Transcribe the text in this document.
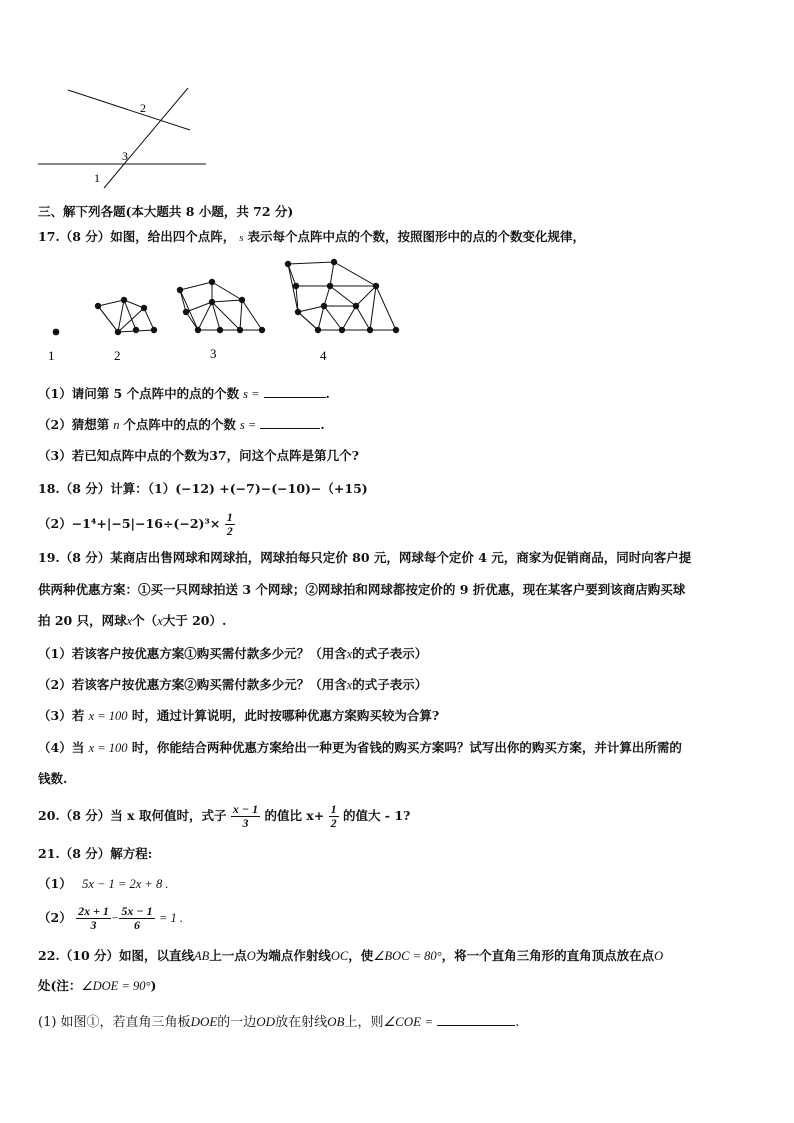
2
3
1
三、解下列各题(本大题共 8 小题，共 72 分)
17.（8 分）如图，给出四个点阵， s 表示每个点阵中点的个数，按照图形中的点的个数变化规律，
1	2	3	4
（1）请问第 5 个点阵中的点的个数 s =	.
（2）猜想第 n 个点阵中的点的个数 s =	.
（3）若已知点阵中点的个数为37，问这个点阵是第几个?
18.（8 分）计算：（1）(−12) +(−7)−(−10)−（+15)
$(2)-1^4+|-5|-16\div(-2)^3\times \frac{1}{2}$
19.（8 分）某商店出售网球和网球拍，网球拍每只定价 80 元，网球每个定价 4 元，商家为促销商品，同时向客户提
供两种优惠方案：①买一只网球拍送 3 个网球；②网球拍和网球都按定价的 9 折优惠，现在某客户要到该商店购买球
拍 20 只，网球x个（x大于 20）.
（1）若该客户按优惠方案①购买需付款多少元？（用含x的式子表示）
（2）若该客户按优惠方案②购买需付款多少元？（用含x的式子表示）
（3）若 x = 100 时，通过计算说明，此时按哪种优惠方案购买较为合算?
（4）当 x = 100 时，你能结合两种优惠方案给出一种更为省钱的购买方案吗？试写出你的购买方案，并计算出所需的
钱数.
20.（8 分）当 x 取何值时，式子 $\frac{x - 1}{3}$ 的值比 $x+ \frac{1}{2}$ 的值大 - 1?
21.（8 分）解方程:
（1） 5x − 1 = 2x + 8 .
$(2) \frac{2x + 1}{3} - \frac{5x - 1}{6} = 1$ .
22.（10 分）如图，以直线AB上一点O为端点作射线OC，使∠BOC = 80°，将一个直角三角形的直角顶点放在点O
处(注：∠DOE = 90°)
(1) 如图①，若直角三角板DOE的一边OD放在射线OB上，则∠COE =	.
